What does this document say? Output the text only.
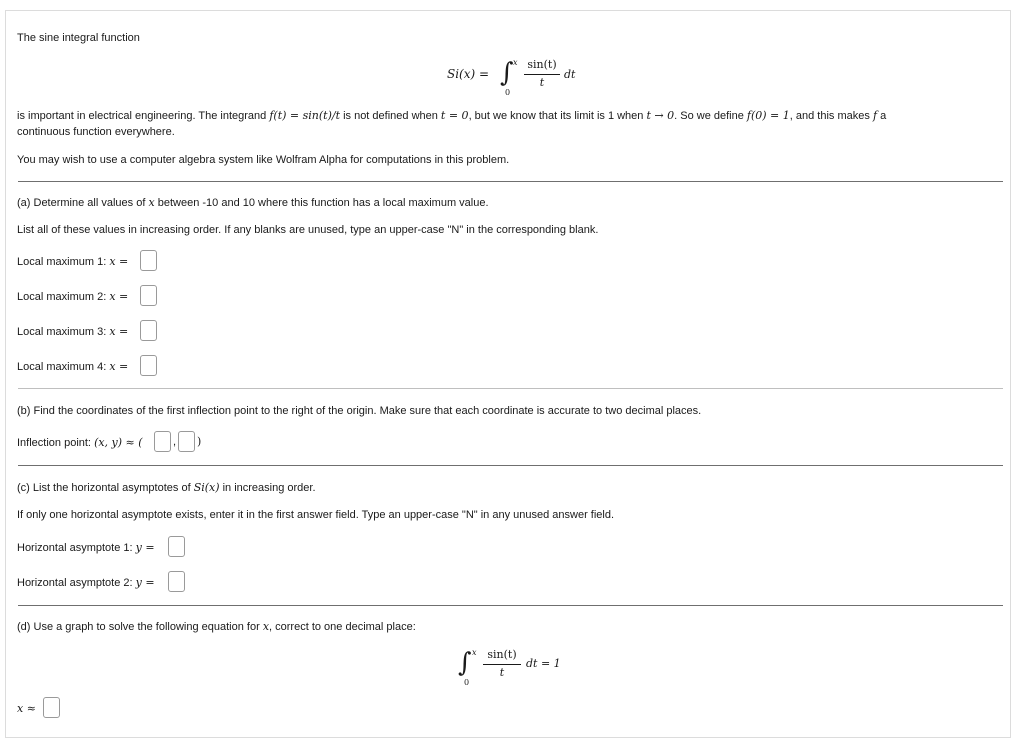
The sine integral function
Si(x) = ∫ x
0
sin(t)
t
dt
is important in electrical engineering. The integrand f(t) = sin(t)/t is not defined when t = 0, but we know that its limit is 1 when t → 0. So we define f(0) = 1, and this makes f a
continuous function everywhere.
You may wish to use a computer algebra system like Wolfram Alpha for computations in this problem.
(a) Determine all values of x between -10 and 10 where this function has a local maximum value.
List all of these values in increasing order. If any blanks are unused, type an upper-case "N" in the corresponding blank.
Local maximum 1: x =
Local maximum 2: x =
Local maximum 3: x =
Local maximum 4: x =
(b) Find the coordinates of the first inflection point to the right of the origin. Make sure that each coordinate is accurate to two decimal places.
Inflection point: (x, y) ≈ (	, )
(c) List the horizontal asymptotes of Si(x) in increasing order.
If only one horizontal asymptote exists, enter it in the first answer field. Type an upper-case "N" in any unused answer field.
Horizontal asymptote 1: y =
Horizontal asymptote 2: y =
(d) Use a graph to solve the following equation for x, correct to one decimal place:
∫ x
0
sin(t)
t
dt = 1
x ≈
